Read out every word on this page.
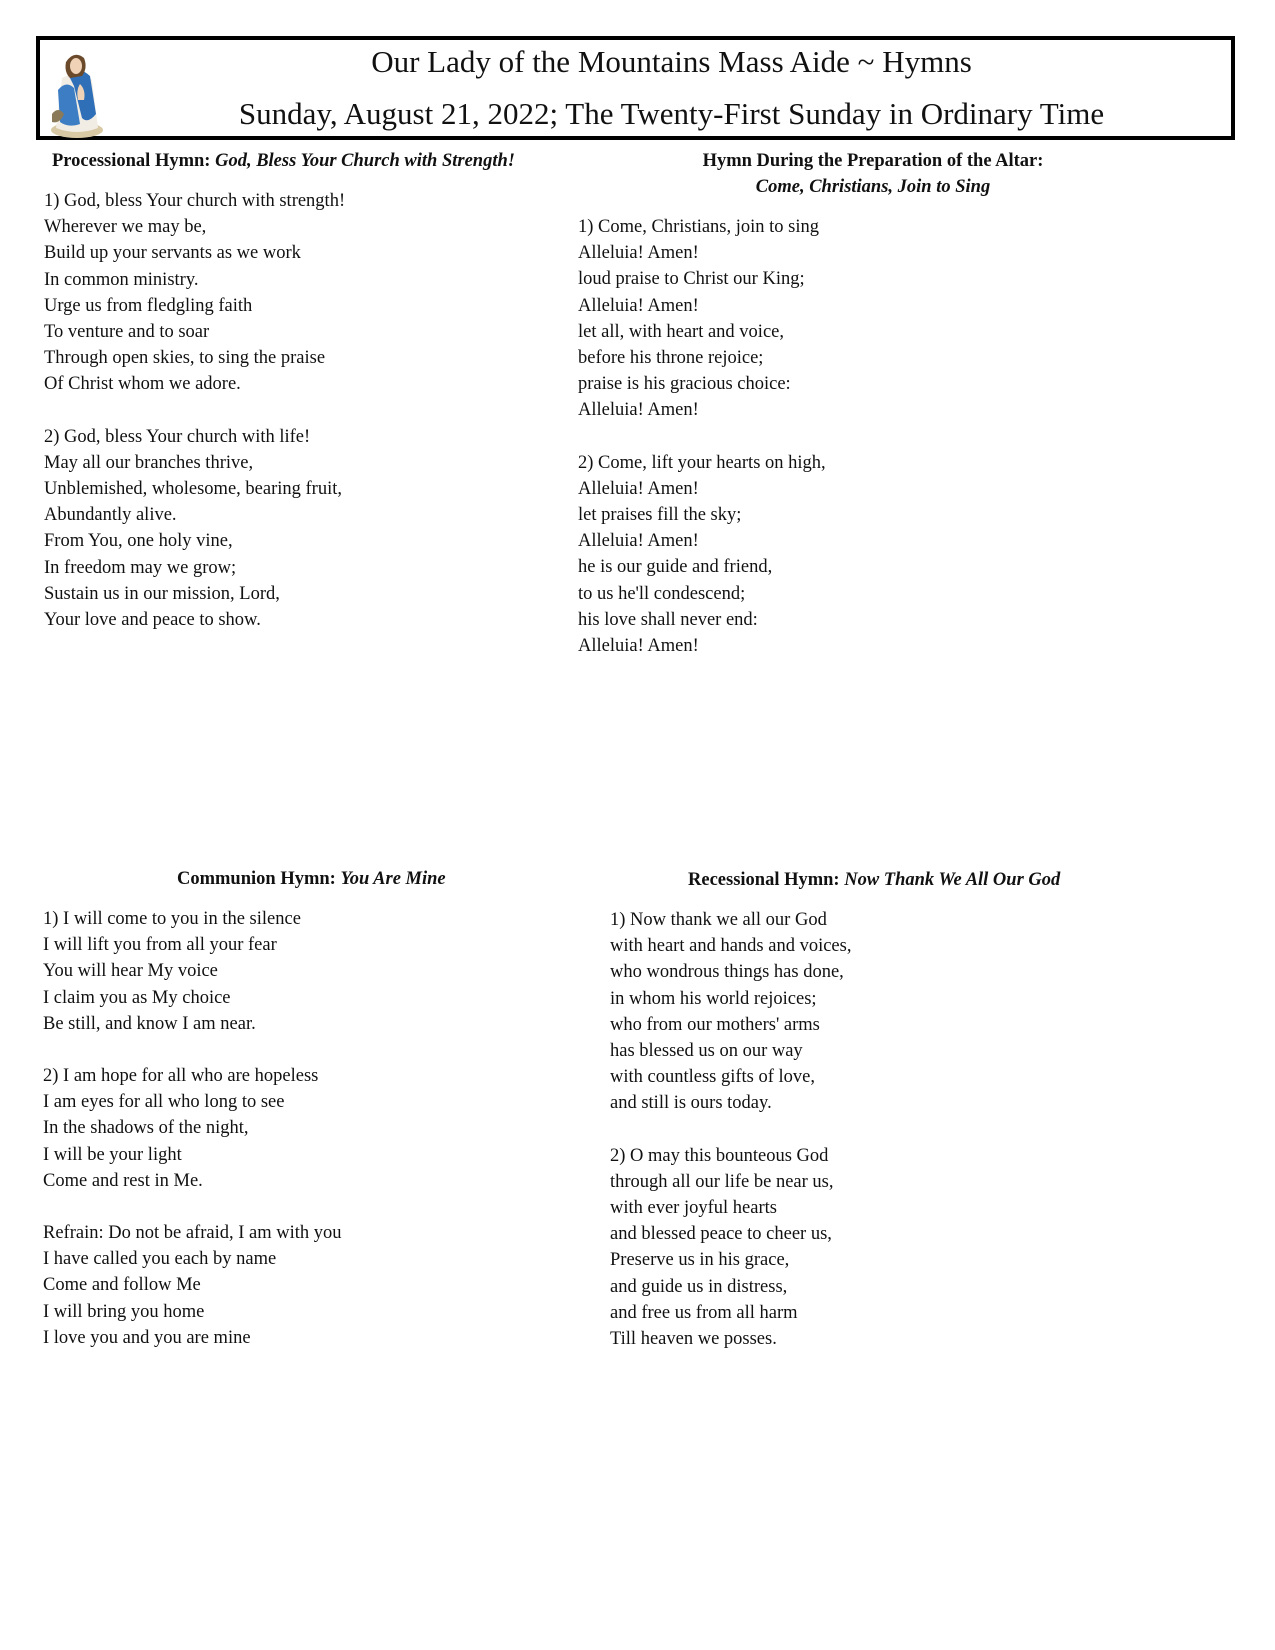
Our Lady of the Mountains Mass Aide ~ Hymns
Sunday, August 21, 2022; The Twenty-First Sunday in Ordinary Time
Processional Hymn: God, Bless Your Church with Strength!
1) God, bless Your church with strength!
Wherever we may be,
Build up your servants as we work
In common ministry.
Urge us from fledgling faith
To venture and to soar
Through open skies, to sing the praise
Of Christ whom we adore.
2) God, bless Your church with life!
May all our branches thrive,
Unblemished, wholesome, bearing fruit,
Abundantly alive.
From You, one holy vine,
In freedom may we grow;
Sustain us in our mission, Lord,
Your love and peace to show.
Hymn During the Preparation of the Altar:
Come, Christians, Join to Sing
1) Come, Christians, join to sing
Alleluia! Amen!
loud praise to Christ our King;
Alleluia! Amen!
let all, with heart and voice,
before his throne rejoice;
praise is his gracious choice:
Alleluia! Amen!
2) Come, lift your hearts on high,
Alleluia! Amen!
let praises fill the sky;
Alleluia! Amen!
he is our guide and friend,
to us he'll condescend;
his love shall never end:
Alleluia! Amen!
Communion Hymn: You Are Mine
1) I will come to you in the silence
I will lift you from all your fear
You will hear My voice
I claim you as My choice
Be still, and know I am near.
2) I am hope for all who are hopeless
I am eyes for all who long to see
In the shadows of the night,
I will be your light
Come and rest in Me.
Refrain: Do not be afraid, I am with you
I have called you each by name
Come and follow Me
I will bring you home
I love you and you are mine
Recessional Hymn: Now Thank We All Our God
1) Now thank we all our God
with heart and hands and voices,
who wondrous things has done,
in whom his world rejoices;
who from our mothers' arms
has blessed us on our way
with countless gifts of love,
and still is ours today.
2) O may this bounteous God
through all our life be near us,
with ever joyful hearts
and blessed peace to cheer us,
Preserve us in his grace,
and guide us in distress,
and free us from all harm
Till heaven we posses.
